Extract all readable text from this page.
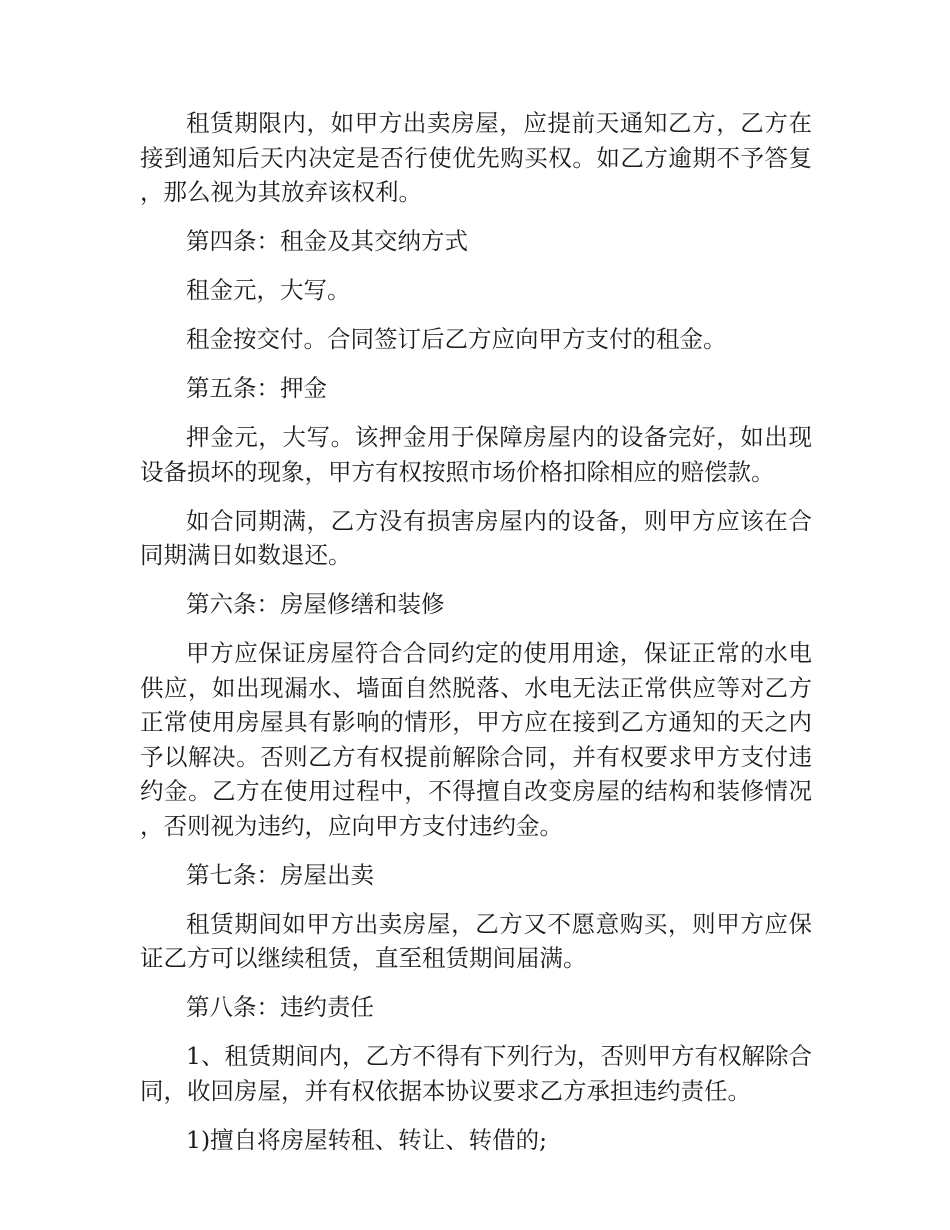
租赁期限内，如甲方出卖房屋，应提前天通知乙方，乙方在接到通知后天内决定是否行使优先购买权。如乙方逾期不予答复，那么视为其放弃该权利。

第四条：租金及其交纳方式

租金元，大写。

租金按交付。合同签订后乙方应向甲方支付的租金。

第五条：押金

押金元，大写。该押金用于保障房屋内的设备完好，如出现设备损坏的现象，甲方有权按照市场价格扣除相应的赔偿款。

如合同期满，乙方没有损害房屋内的设备，则甲方应该在合同期满日如数退还。

第六条：房屋修缮和装修

甲方应保证房屋符合合同约定的使用用途，保证正常的水电供应，如出现漏水、墙面自然脱落、水电无法正常供应等对乙方正常使用房屋具有影响的情形，甲方应在接到乙方通知的天之内予以解决。否则乙方有权提前解除合同，并有权要求甲方支付违约金。乙方在使用过程中，不得擅自改变房屋的结构和装修情况，否则视为违约，应向甲方支付违约金。

第七条：房屋出卖

租赁期间如甲方出卖房屋，乙方又不愿意购买，则甲方应保证乙方可以继续租赁，直至租赁期间届满。

第八条：违约责任

1、租赁期间内，乙方不得有下列行为，否则甲方有权解除合同，收回房屋，并有权依据本协议要求乙方承担违约责任。

1)擅自将房屋转租、转让、转借的;
